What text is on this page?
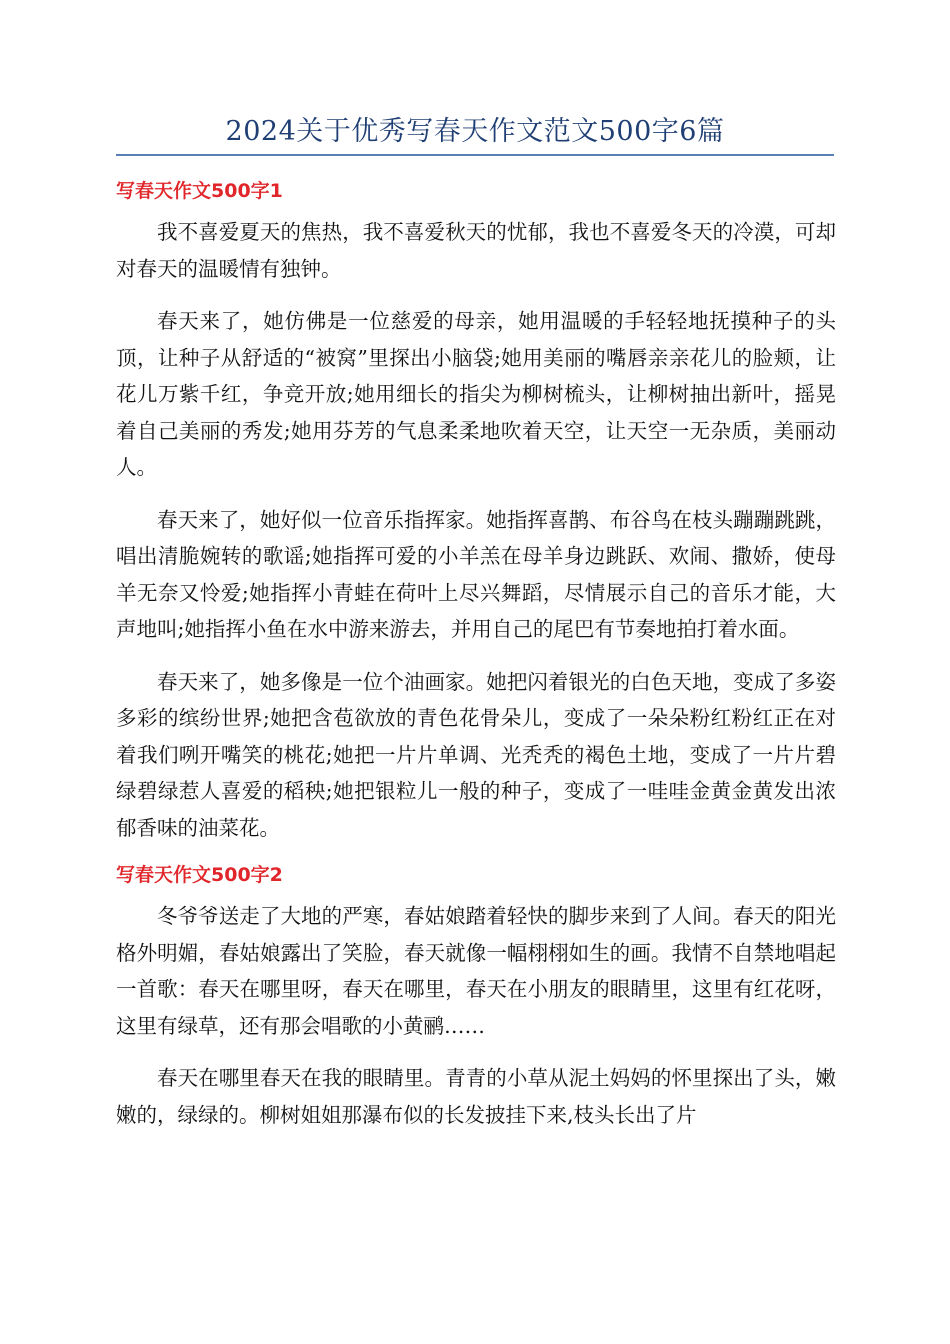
2024关于优秀写春天作文范文500字6篇
写春天作文500字1

我不喜爱夏天的焦热，我不喜爱秋天的忧郁，我也不喜爱冬天的冷漠，可却对春天的温暖情有独钟。

春天来了，她仿佛是一位慈爱的母亲，她用温暖的手轻轻地抚摸种子的头顶，让种子从舒适的“被窝”里探出小脑袋;她用美丽的嘴唇亲亲花儿的脸颊，让花儿万紫千红，争竞开放;她用细长的指尖为柳树梳头，让柳树抽出新叶，摇晃着自己美丽的秀发;她用芬芳的气息柔柔地吹着天空，让天空一无杂质，美丽动人。

春天来了，她好似一位音乐指挥家。她指挥喜鹊、布谷鸟在枝头蹦蹦跳跳，唱出清脆婉转的歌谣;她指挥可爱的小羊羔在母羊身边跳跃、欢闹、撒娇，使母羊无奈又怜爱;她指挥小青蛙在荷叶上尽兴舞蹈，尽情展示自己的音乐才能，大声地叫;她指挥小鱼在水中游来游去，并用自己的尾巴有节奏地拍打着水面。

春天来了，她多像是一位个油画家。她把闪着银光的白色天地，变成了多姿多彩的缤纷世界;她把含苞欲放的青色花骨朵儿，变成了一朵朵粉红粉红正在对着我们咧开嘴笑的桃花;她把一片片单调、光秃秃的褐色土地，变成了一片片碧绿碧绿惹人喜爱的稻秧;她把银粒儿一般的种子，变成了一哇哇金黄金黄发出浓郁香味的油菜花。

写春天作文500字2

冬爷爷送走了大地的严寒，春姑娘踏着轻快的脚步来到了人间。春天的阳光格外明媚，春姑娘露出了笑脸，春天就像一幅栩栩如生的画。我情不自禁地唱起一首歌：春天在哪里呀，春天在哪里，春天在小朋友的眼睛里，这里有红花呀，这里有绿草，还有那会唱歌的小黄鹂……

春天在哪里春天在我的眼睛里。青青的小草从泥土妈妈的怀里探出了头，嫩嫩的，绿绿的。柳树姐姐那瀑布似的长发披挂下来,枝头长出了片
